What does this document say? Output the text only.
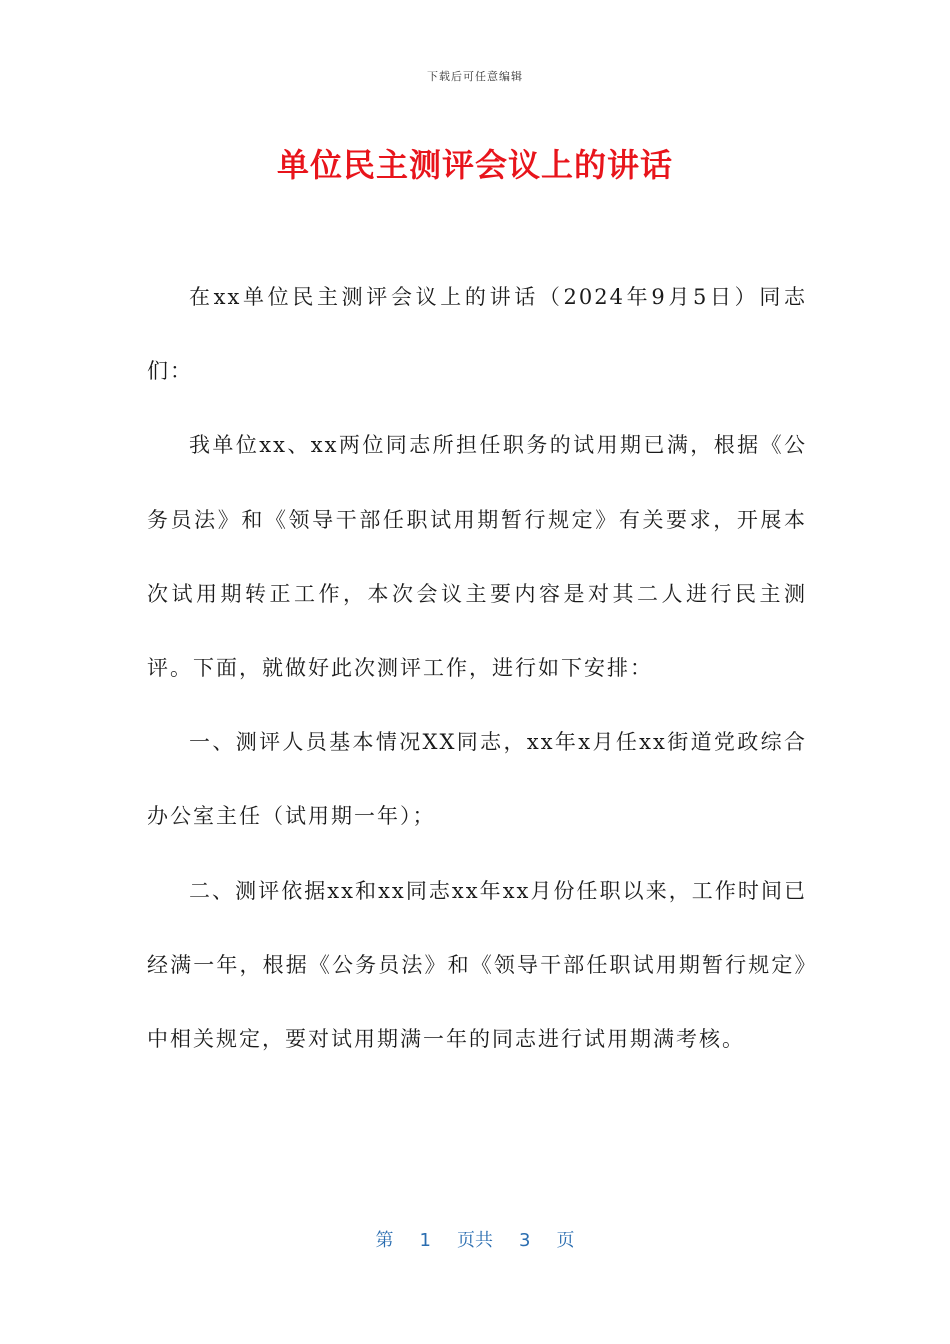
下载后可任意编辑
单位民主测评会议上的讲话

在xx单位民主测评会议上的讲话（2024年9月5日）同志们：

我单位xx、xx两位同志所担任职务的试用期已满，根据《公务员法》和《领导干部任职试用期暂行规定》有关要求，开展本次试用期转正工作，本次会议主要内容是对其二人进行民主测评。下面，就做好此次测评工作，进行如下安排：

一、测评人员基本情况XX同志，xx年x月任xx街道党政综合办公室主任（试用期一年）；

二、测评依据xx和xx同志xx年xx月份任职以来，工作时间已经满一年，根据《公务员法》和《领导干部任职试用期暂行规定》中相关规定，要对试用期满一年的同志进行试用期满考核。

第 1 页共 3 页
